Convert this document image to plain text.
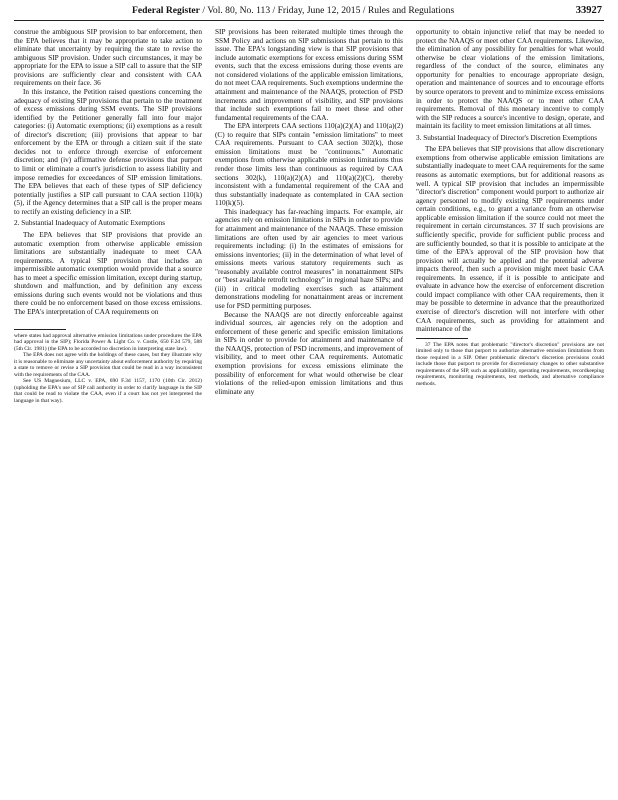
Federal Register / Vol. 80, No. 113 / Friday, June 12, 2015 / Rules and Regulations	33927

construe the ambiguous SIP provision to bar enforcement, then the EPA believes that it may be appropriate to take action to eliminate that uncertainty by requiring the state to revise the ambiguous SIP provision. Under such circumstances, it may be appropriate for the EPA to issue a SIP call to assure that the SIP provisions are sufficiently clear and consistent with CAA requirements on their face. 36

In this instance, the Petition raised questions concerning the adequacy of existing SIP provisions that pertain to the treatment of excess emissions during SSM events. The SIP provisions identified by the Petitioner generally fall into four major categories: (i) Automatic exemptions; (ii) exemptions as a result of director's discretion; (iii) provisions that appear to bar enforcement by the EPA or through a citizen suit if the state decides not to enforce through exercise of enforcement discretion; and (iv) affirmative defense provisions that purport to limit or eliminate a court's jurisdiction to assess liability and impose remedies for exceedances of SIP emission limitations. The EPA believes that each of these types of SIP deficiency potentially justifies a SIP call pursuant to CAA section 110(k)(5), if the Agency determines that a SIP call is the proper means to rectify an existing deficiency in a SIP.

2. Substantial Inadequacy of Automatic Exemptions

The EPA believes that SIP provisions that provide an automatic exemption from otherwise applicable emission limitations are substantially inadequate to meet CAA requirements. A typical SIP provision that includes an impermissible automatic exemption would provide that a source has to meet a specific emission limitation, except during startup, shutdown and malfunction, and by definition any excess emissions during such events would not be violations and thus there could be no enforcement based on those excess emissions. The EPA's interpretation of CAA requirements on

where states had approval alternative emission limitations under procedures the EPA had approval in the SIP); Florida Power & Light Co. v. Costle, 650 F.2d 579, 588 (5th Cir. 1981) (the EPA to be accorded no discretion in interpreting state law).

The EPA does not agree with the holdings of these cases, but they illustrate why it is reasonable to eliminate any uncertainty about enforcement authority by requiring a state to remove or revise a SIP provision that could be read in a way inconsistent with the requirements of the CAA.

See US Magnesium, LLC v. EPA, 690 F.3d 1157, 1170 (10th Cir. 2012) (upholding the EPA's use of SIP call authority in order to clarify language in the SIP that could be read to violate the CAA, even if a court has not yet interpreted the language in that way).

SIP provisions has been reiterated multiple times through the SSM Policy and actions on SIP submissions that pertain to this issue. The EPA's longstanding view is that SIP provisions that include automatic exemptions for excess emissions during SSM events, such that the excess emissions during those events are not considered violations of the applicable emission limitations, do not meet CAA requirements. Such exemptions undermine the attainment and maintenance of the NAAQS, protection of PSD increments and improvement of visibility, and SIP provisions that include such exemptions fail to meet these and other fundamental requirements of the CAA.

The EPA interprets CAA sections 110(a)(2)(A) and 110(a)(2)(C) to require that SIPs contain "emission limitations" to meet CAA requirements. Pursuant to CAA section 302(k), those emission limitations must be "continuous." Automatic exemptions from otherwise applicable emission limitations thus render those limits less than continuous as required by CAA sections 302(k), 110(a)(2)(A) and 110(a)(2)(C), thereby inconsistent with a fundamental requirement of the CAA and thus substantially inadequate as contemplated in CAA section 110(k)(5).

This inadequacy has far-reaching impacts. For example, air agencies rely on emission limitations in SIPs in order to provide for attainment and maintenance of the NAAQS. These emission limitations are often used by air agencies to meet various requirements including: (i) In the estimates of emissions for emissions inventories; (ii) in the determination of what level of emissions meets various statutory requirements such as "reasonably available control measures" in nonattainment SIPs or "best available retrofit technology" in regional haze SIPs; and (iii) in critical modeling exercises such as attainment demonstrations modeling for nonattainment areas or increment use for PSD permitting purposes.

Because the NAAQS are not directly enforceable against individual sources, air agencies rely on the adoption and enforcement of these generic and specific emission limitations in SIPs in order to provide for attainment and maintenance of the NAAQS, protection of PSD increments, and improvement of visibility, and to meet other CAA requirements. Automatic exemption provisions for excess emissions eliminate the possibility of enforcement for what would otherwise be clear violations of the relied-upon emission limitations and thus eliminate any

opportunity to obtain injunctive relief that may be needed to protect the NAAQS or meet other CAA requirements. Likewise, the elimination of any possibility for penalties for what would otherwise be clear violations of the emission limitations, regardless of the conduct of the source, eliminates any opportunity for penalties to encourage appropriate design, operation and maintenance of sources and to encourage efforts by source operators to prevent and to minimize excess emissions in order to protect the NAAQS or to meet other CAA requirements. Removal of this monetary incentive to comply with the SIP reduces a source's incentive to design, operate, and maintain its facility to meet emission limitations at all times.

3. Substantial Inadequacy of Director's Discretion Exemptions

The EPA believes that SIP provisions that allow discretionary exemptions from otherwise applicable emission limitations are substantially inadequate to meet CAA requirements for the same reasons as automatic exemptions, but for additional reasons as well. A typical SIP provision that includes an impermissible "director's discretion" component would purport to authorize air agency personnel to modify existing SIP requirements under certain conditions, e.g., to grant a variance from an otherwise applicable emission limitation if the source could not meet the requirement in certain circumstances. 37 If such provisions are sufficiently specific, provide for sufficient public process and are sufficiently bounded, so that it is possible to anticipate at the time of the EPA's approval of the SIP provision how that provision will actually be applied and the potential adverse impacts thereof, then such a provision might meet basic CAA requirements. In essence, if it is possible to anticipate and evaluate in advance how the exercise of enforcement discretion could impact compliance with other CAA requirements, then it may be possible to determine in advance that the preauthorized exercise of director's discretion will not interfere with other CAA requirements, such as providing for attainment and maintenance of the

37 The EPA notes that problematic "director's discretion" provisions are not limited only to those that purport to authorize alternative emission limitations from those required in a SIP. Other problematic director's discretion provisions could include those that purport to provide for discretionary changes to other substantive requirements of the SIP, such as applicability, operating requirements, recordkeeping requirements, monitoring requirements, test methods, and alternative compliance methods.
